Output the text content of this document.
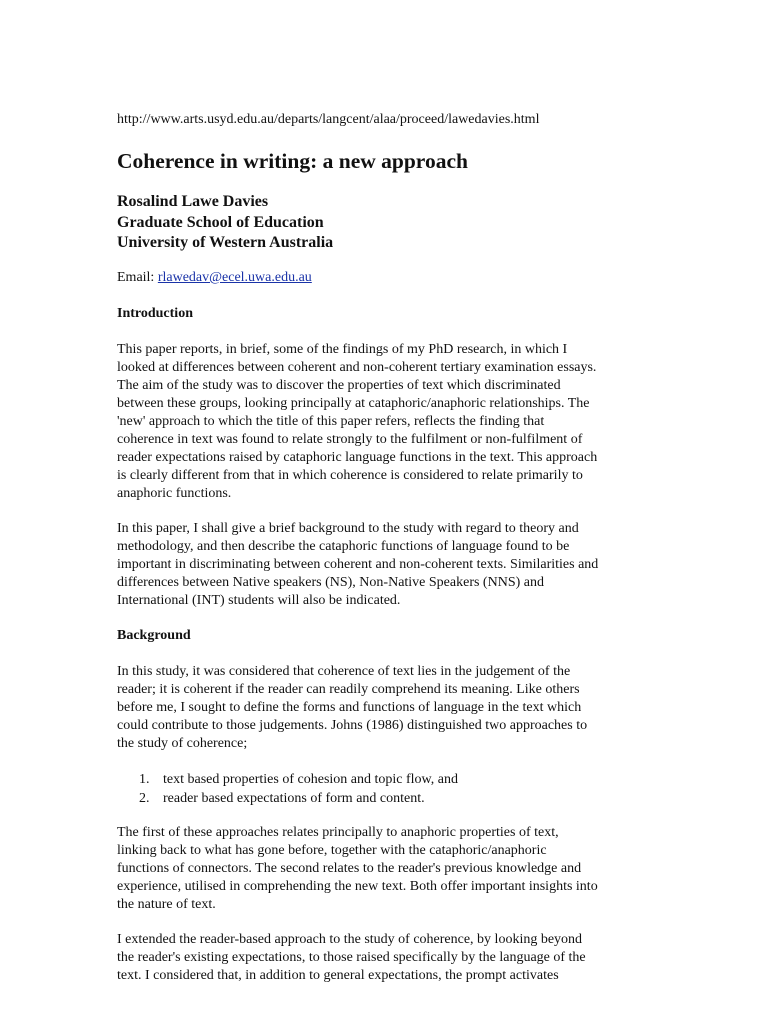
http://www.arts.usyd.edu.au/departs/langcent/alaa/proceed/lawedavies.html
Coherence in writing: a new approach
Rosalind Lawe Davies
Graduate School of Education
University of Western Australia
Email: rlawedav@ecel.uwa.edu.au
Introduction
This paper reports, in brief, some of the findings of my PhD research, in which I
looked at differences between coherent and non-coherent tertiary examination essays.
The aim of the study was to discover the properties of text which discriminated
between these groups, looking principally at cataphoric/anaphoric relationships. The
'new' approach to which the title of this paper refers, reflects the finding that
coherence in text was found to relate strongly to the fulfilment or non-fulfilment of
reader expectations raised by cataphoric language functions in the text. This approach
is clearly different from that in which coherence is considered to relate primarily to
anaphoric functions.
In this paper, I shall give a brief background to the study with regard to theory and
methodology, and then describe the cataphoric functions of language found to be
important in discriminating between coherent and non-coherent texts. Similarities and
differences between Native speakers (NS), Non-Native Speakers (NNS) and
International (INT) students will also be indicated.
Background
In this study, it was considered that coherence of text lies in the judgement of the
reader; it is coherent if the reader can readily comprehend its meaning. Like others
before me, I sought to define the forms and functions of language in the text which
could contribute to those judgements. Johns (1986) distinguished two approaches to
the study of coherence;
1. text based properties of cohesion and topic flow, and
2. reader based expectations of form and content.
The first of these approaches relates principally to anaphoric properties of text,
linking back to what has gone before, together with the cataphoric/anaphoric
functions of connectors. The second relates to the reader's previous knowledge and
experience, utilised in comprehending the new text. Both offer important insights into
the nature of text.
I extended the reader-based approach to the study of coherence, by looking beyond
the reader's existing expectations, to those raised specifically by the language of the
text. I considered that, in addition to general expectations, the prompt activates
